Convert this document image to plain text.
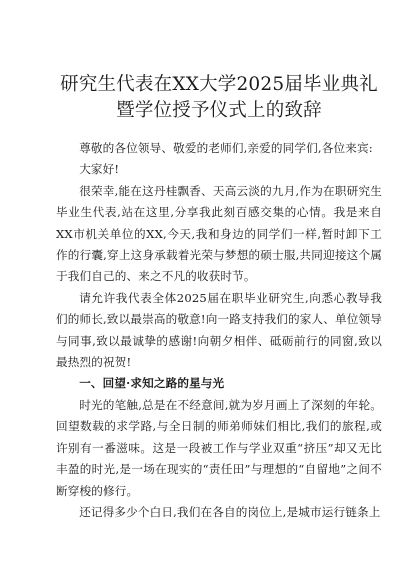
研究生代表在XX大学2025届毕业典礼暨学位授予仪式上的致辞

尊敬的各位领导、敬爱的老师们,亲爱的同学们,各位来宾:

大家好!

很荣幸,能在这丹桂飘香、天高云淡的九月,作为在职研究生毕业生代表,站在这里,分享我此刻百感交集的心情。我是来自XX市机关单位的XX,今天,我和身边的同学们一样,暂时卸下工作的行囊,穿上这身承载着光荣与梦想的硕士服,共同迎接这个属于我们自己的、来之不凡的收获时节。

请允许我代表全体2025届在职毕业研究生,向悉心教导我们的师长,致以最崇高的敬意!向一路支持我们的家人、单位领导与同事,致以最诚挚的感谢!向朝夕相伴、砥砺前行的同窗,致以最热烈的祝贺!

一、回望·求知之路的星与光

时光的笔触,总是在不经意间,就为岁月画上了深刻的年轮。回望数载的求学路,与全日制的师弟师妹们相比,我们的旅程,或许别有一番滋味。这是一段被工作与学业双重“挤压”却又无比丰盈的时光,是一场在现实的“责任田”与理想的“自留地”之间不断穿梭的修行。

还记得多少个白日,我们在各自的岗位上,是城市运行链条上
